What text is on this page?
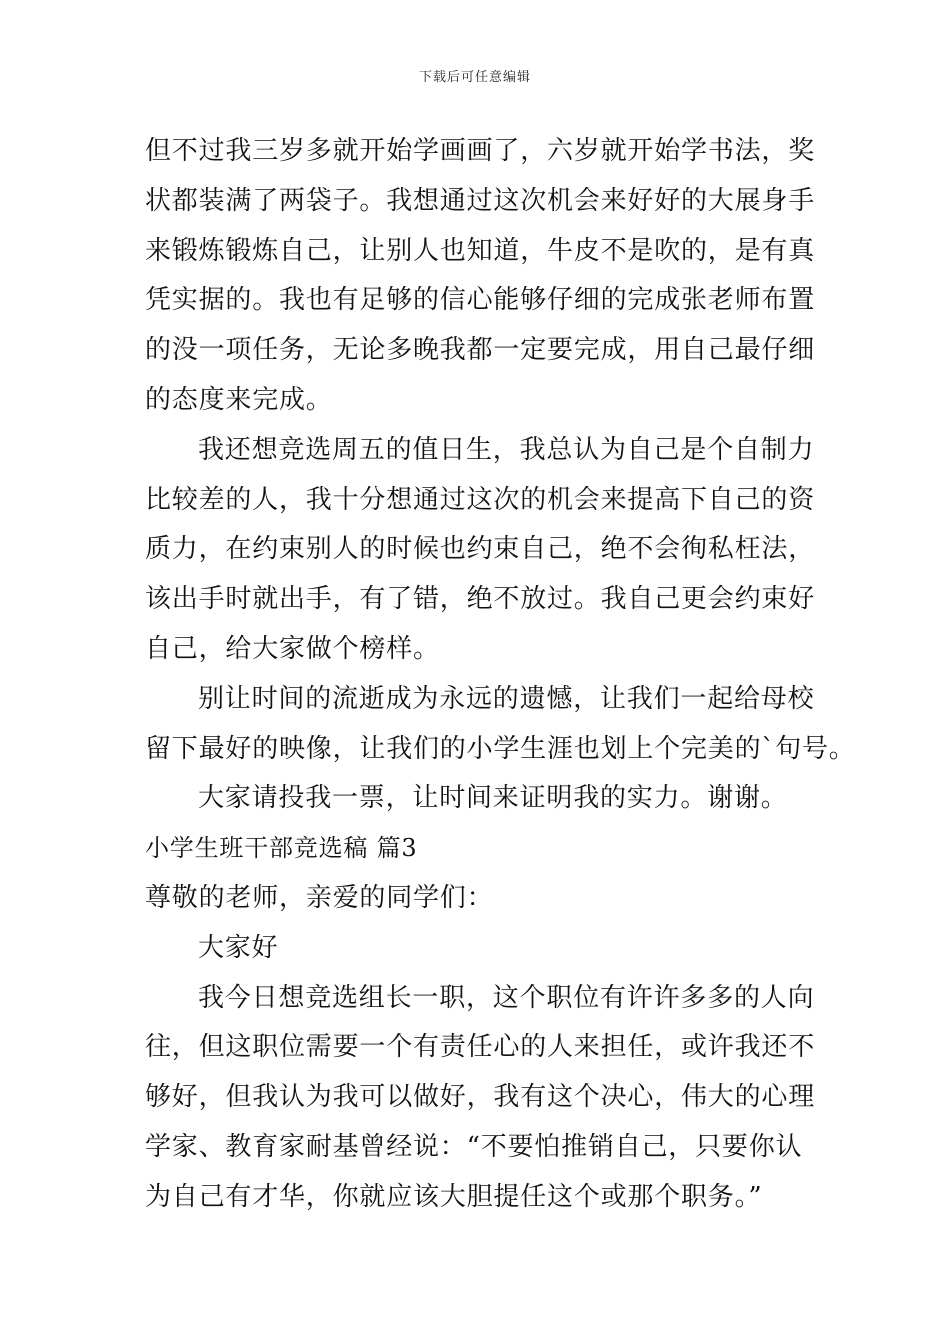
下载后可任意编辑
但不过我三岁多就开始学画画了，六岁就开始学书法，奖
状都装满了两袋子。我想通过这次机会来好好的大展身手
来锻炼锻炼自己，让别人也知道，牛皮不是吹的，是有真
凭实据的。我也有足够的信心能够仔细的完成张老师布置
的没一项任务，无论多晚我都一定要完成，用自己最仔细
的态度来完成。
我还想竞选周五的值日生，我总认为自己是个自制力
比较差的人，我十分想通过这次的机会来提高下自己的资
质力，在约束别人的时候也约束自己，绝不会徇私枉法，
该出手时就出手，有了错，绝不放过。我自己更会约束好
自己，给大家做个榜样。
别让时间的流逝成为永远的遗憾，让我们一起给母校
留下最好的映像，让我们的小学生涯也划上个完美的`句号。
大家请投我一票，让时间来证明我的实力。谢谢。
小学生班干部竞选稿 篇3
尊敬的老师，亲爱的同学们：
大家好
我今日想竞选组长一职，这个职位有许许多多的人向
往，但这职位需要一个有责任心的人来担任，或许我还不
够好，但我认为我可以做好，我有这个决心，伟大的心理
学家、教育家耐基曾经说：“不要怕推销自己，只要你认
为自己有才华，你就应该大胆提任这个或那个职务。”
